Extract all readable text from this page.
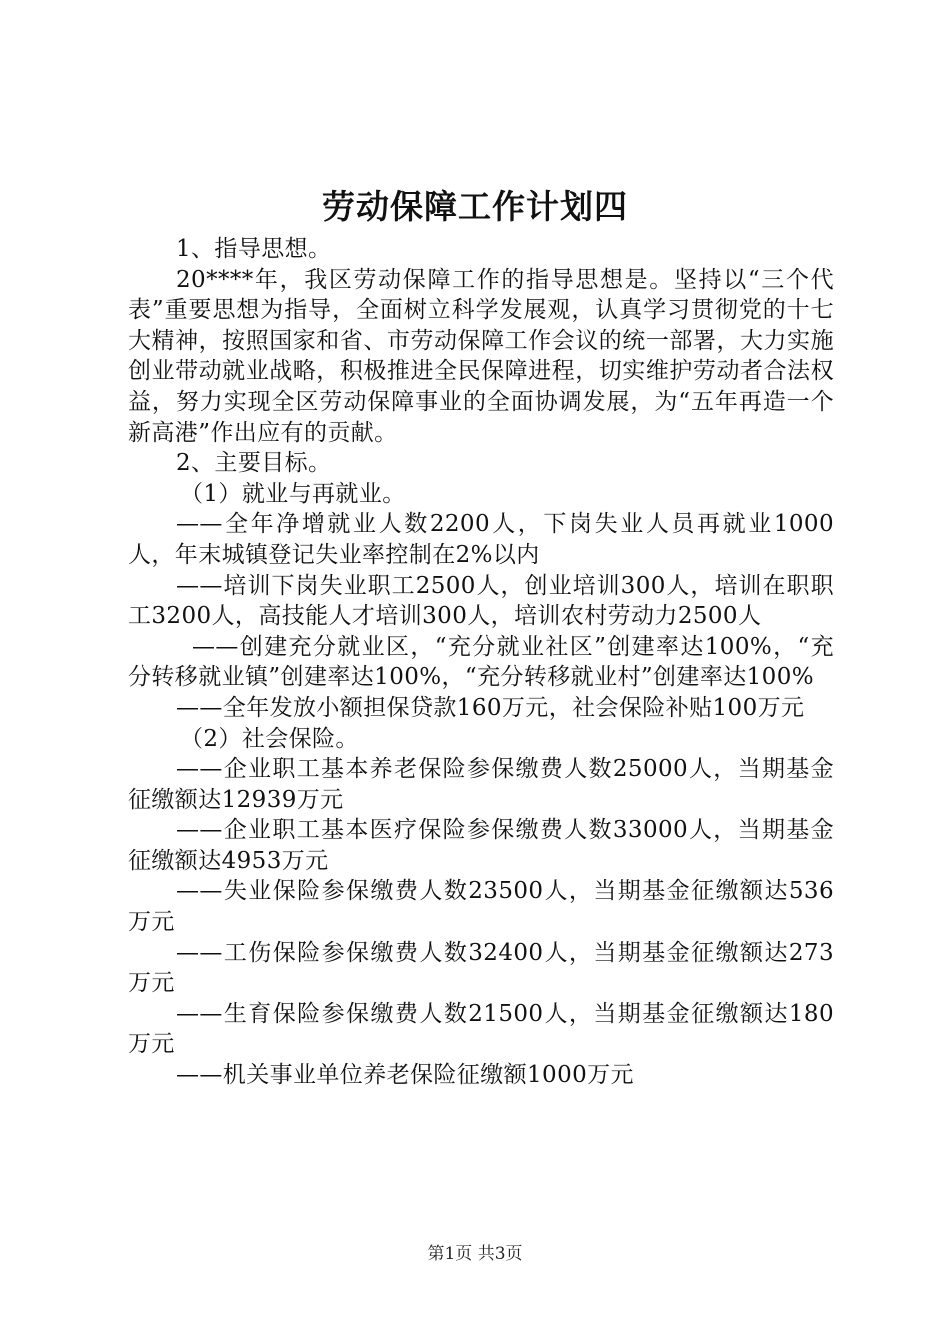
劳动保障工作计划四

1、指导思想。

20****年，我区劳动保障工作的指导思想是。坚持以“三个代表”重要思想为指导，全面树立科学发展观，认真学习贯彻党的十七大精神，按照国家和省、市劳动保障工作会议的统一部署，大力实施创业带动就业战略，积极推进全民保障进程，切实维护劳动者合法权益，努力实现全区劳动保障事业的全面协调发展，为“五年再造一个新高港”作出应有的贡献。

2、主要目标。

（1）就业与再就业。

——全年净增就业人数2200人，下岗失业人员再就业1000人，年末城镇登记失业率控制在2%以内

——培训下岗失业职工2500人，创业培训300人，培训在职职工3200人，高技能人才培训300人，培训农村劳动力2500人

——创建充分就业区，“充分就业社区”创建率达100%，“充分转移就业镇”创建率达100%，“充分转移就业村”创建率达100%

——全年发放小额担保贷款160万元，社会保险补贴100万元

（2）社会保险。

——企业职工基本养老保险参保缴费人数25000人，当期基金征缴额达12939万元

——企业职工基本医疗保险参保缴费人数33000人，当期基金征缴额达4953万元

——失业保险参保缴费人数23500人，当期基金征缴额达536万元

——工伤保险参保缴费人数32400人，当期基金征缴额达273万元

——生育保险参保缴费人数21500人，当期基金征缴额达180万元

——机关事业单位养老保险征缴额1000万元

第1页 共3页
